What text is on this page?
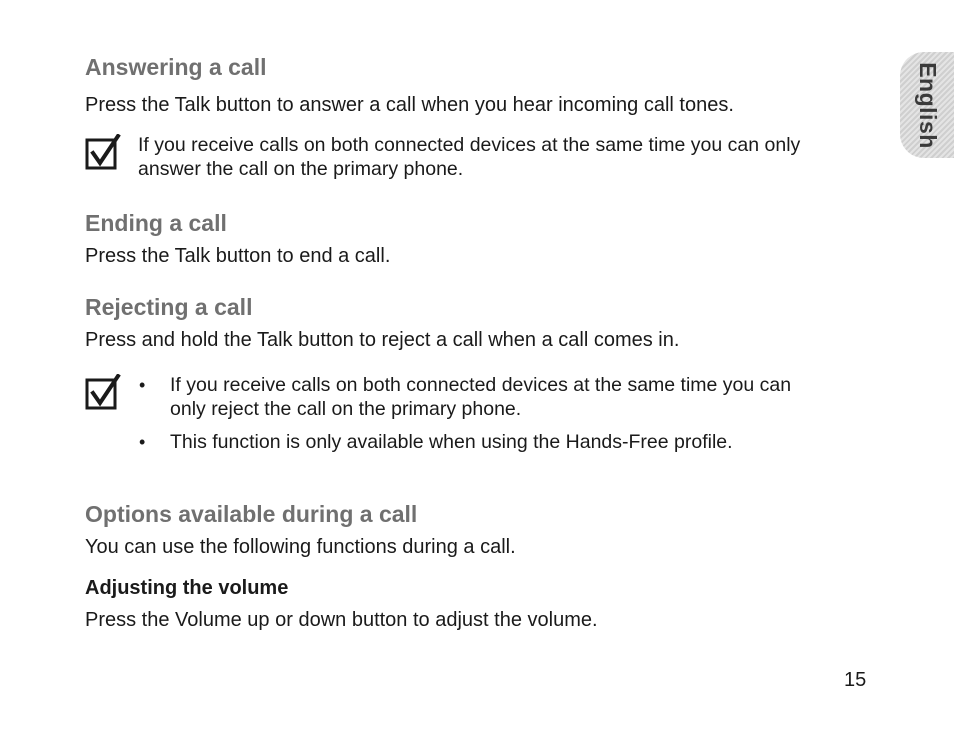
Answering a call
Press the Talk button to answer a call when you hear incoming call tones.
If you receive calls on both connected devices at the same time you can only
answer the call on the primary phone.
Ending a call
Press the Talk button to end a call.
Rejecting a call
Press and hold the Talk button to reject a call when a call comes in.
• If you receive calls on both connected devices at the same time you can
only reject the call on the primary phone.
• This function is only available when using the Hands-Free profile.
Options available during a call
You can use the following functions during a call.
Adjusting the volume
Press the Volume up or down button to adjust the volume.
English
15
